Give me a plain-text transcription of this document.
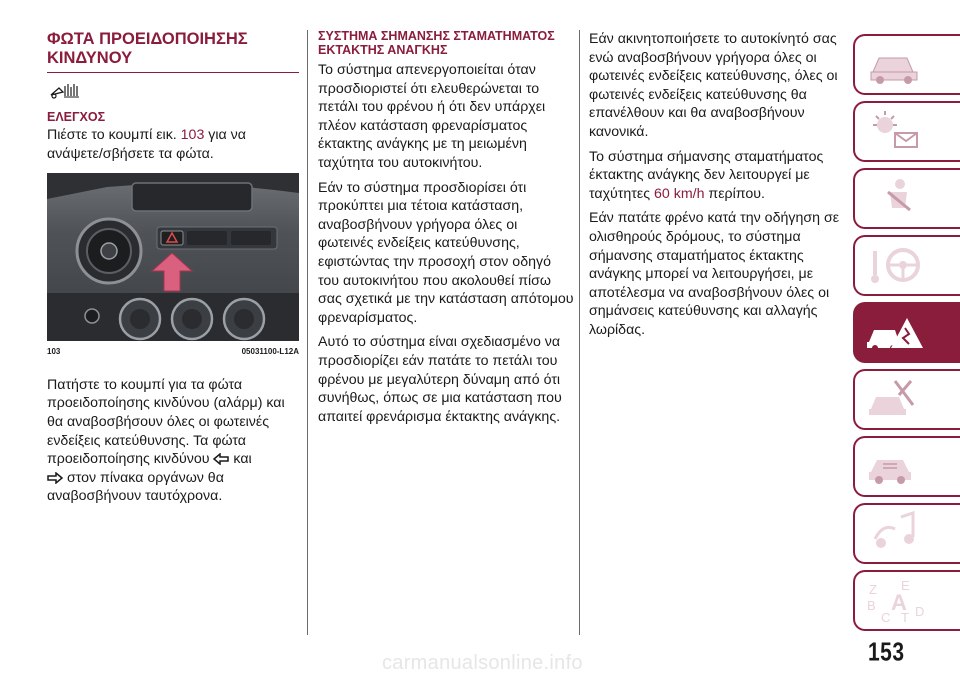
ΦΩΤΑ ΠΡΟΕΙΔΟΠΟΙΗΣΗΣ ΚΙΝΔΥΝΟΥ
ΕΛΕΓΧΟΣ

Πιέστε το κουμπί εικ. 103 για να ανάψετε/σβήσετε τα φώτα.

103	05031100-L12A

Πατήστε το κουμπί για τα φώτα προειδοποίησης κινδύνου (αλάρμ) και θα αναβοσβήσουν όλες οι φωτεινές ενδείξεις κατεύθυνσης. Τα φώτα προειδοποίησης κινδύνου και
στον πίνακα οργάνων θα αναβοσβήνουν ταυτόχρονα.

ΣΥΣΤΗΜΑ ΣΗΜΑΝΣΗΣ ΣΤΑΜΑΤΗΜΑΤΟΣ ΕΚΤΑΚΤΗΣ ΑΝΑΓΚΗΣ

Το σύστημα απενεργοποιείται όταν προσδιοριστεί ότι ελευθερώνεται το πετάλι του φρένου ή ότι δεν υπάρχει πλέον κατάσταση φρεναρίσματος έκτακτης ανάγκης με τη μειωμένη ταχύτητα του αυτοκινήτου.

Εάν το σύστημα προσδιορίσει ότι προκύπτει μια τέτοια κατάσταση, αναβοσβήνουν γρήγορα όλες οι φωτεινές ενδείξεις κατεύθυνσης, εφιστώντας την προσοχή στον οδηγό του αυτοκινήτου που ακολουθεί πίσω σας σχετικά με την κατάσταση απότομου φρεναρίσματος.

Αυτό το σύστημα είναι σχεδιασμένο να προσδιορίζει εάν πατάτε το πετάλι του φρένου με μεγαλύτερη δύναμη από ότι συνήθως, όπως σε μια κατάσταση που απαιτεί φρενάρισμα έκτακτης ανάγκης.

Εάν ακινητοποιήσετε το αυτοκίνητό σας ενώ αναβοσβήνουν γρήγορα όλες οι φωτεινές ενδείξεις κατεύθυνσης, όλες οι φωτεινές ενδείξεις κατεύθυνσης θα επανέλθουν και θα αναβοσβήνουν κανονικά.

Το σύστημα σήμανσης σταματήματος έκτακτης ανάγκης δεν λειτουργεί με ταχύτητες 60 km/h περίπου.

Εάν πατάτε φρένο κατά την οδήγηση σε ολισθηρούς δρόμους, το σύστημα σήμανσης σταματήματος έκτακτης ανάγκης μπορεί να λειτουργήσει, με αποτέλεσμα να αναβοσβήνουν όλες οι σημάνσεις κατεύθυνσης και αλλαγής λωρίδας.

Z E
B A
C T D
153
carmanualsonline.info
